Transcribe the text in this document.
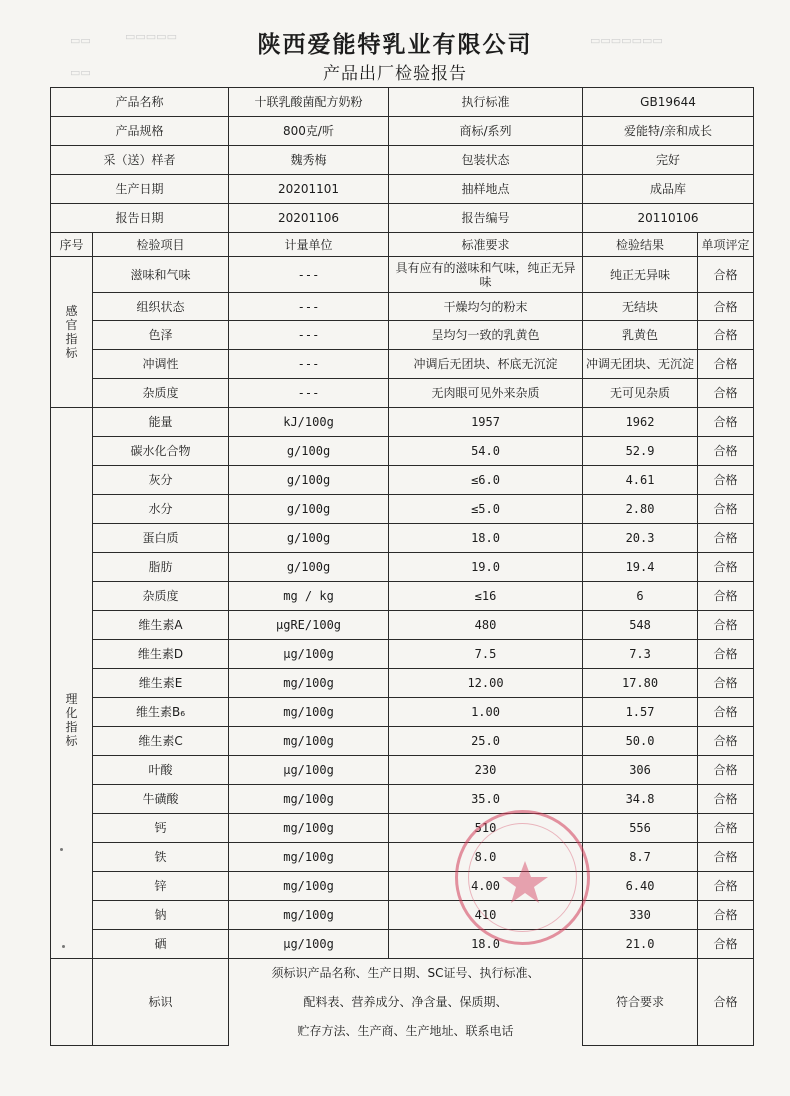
▭▭
▭▭
▭▭▭▭▭	▭▭▭▭▭▭▭
陕西爱能特乳业有限公司
产品出厂检验报告
产品名称		十联乳酸菌配方奶粉	执行标准	GB19644	
产品规格		800克/听	商标/系列	爱能特/亲和成长	
采（送）样者		魏秀梅	包装状态	完好	
生产日期		20201101	抽样地点	成品库	
报告日期		20201106	报告编号	20110106	
序号	检验项目	计量单位	标准要求	检验结果	单项评定

感
官
指
标	滋味和气味	---	具有应有的滋味和气味，纯正无异味	纯正无异味	合格
	组织状态	---	干燥均匀的粉末	无结块	合格
	色泽	---	呈均匀一致的乳黄色	乳黄色	合格
	冲调性	---	冲调后无团块、杯底无沉淀	冲调无团块、无沉淀	合格
	杂质度	---	无肉眼可见外来杂质	无可见杂质	合格

理
化
指
标	能量	kJ/100g	1957	1962	合格
	碳水化合物	g/100g	54.0	52.9	合格
	灰分	g/100g	≤6.0	4.61	合格
	水分	g/100g	≤5.0	2.80	合格
	蛋白质	g/100g	18.0	20.3	合格
	脂肪	g/100g	19.0	19.4	合格
	杂质度	mg / kg	≤16	6	合格
	维生素A	μgRE/100g	480	548	合格
	维生素D	μg/100g	7.5	7.3	合格
	维生素E	mg/100g	12.00	17.80	合格
	维生素B₆	mg/100g	1.00	1.57	合格
	维生素C	mg/100g	25.0	50.0	合格
	叶酸	μg/100g	230	306	合格
	牛磺酸	mg/100g	35.0	34.8	合格
	钙	mg/100g	510	556	合格
	铁	mg/100g	8.0	8.7	合格
	锌	mg/100g	4.00	6.40	合格
	钠	mg/100g	410	330	合格
	硒	μg/100g	18.0	21.0	合格
	标识	须标识产品名称、生产日期、SC证号、执行标准、		符合要求	合格
		配料表、营养成分、净含量、保质期、			
		贮存方法、生产商、生产地址、联系电话			
